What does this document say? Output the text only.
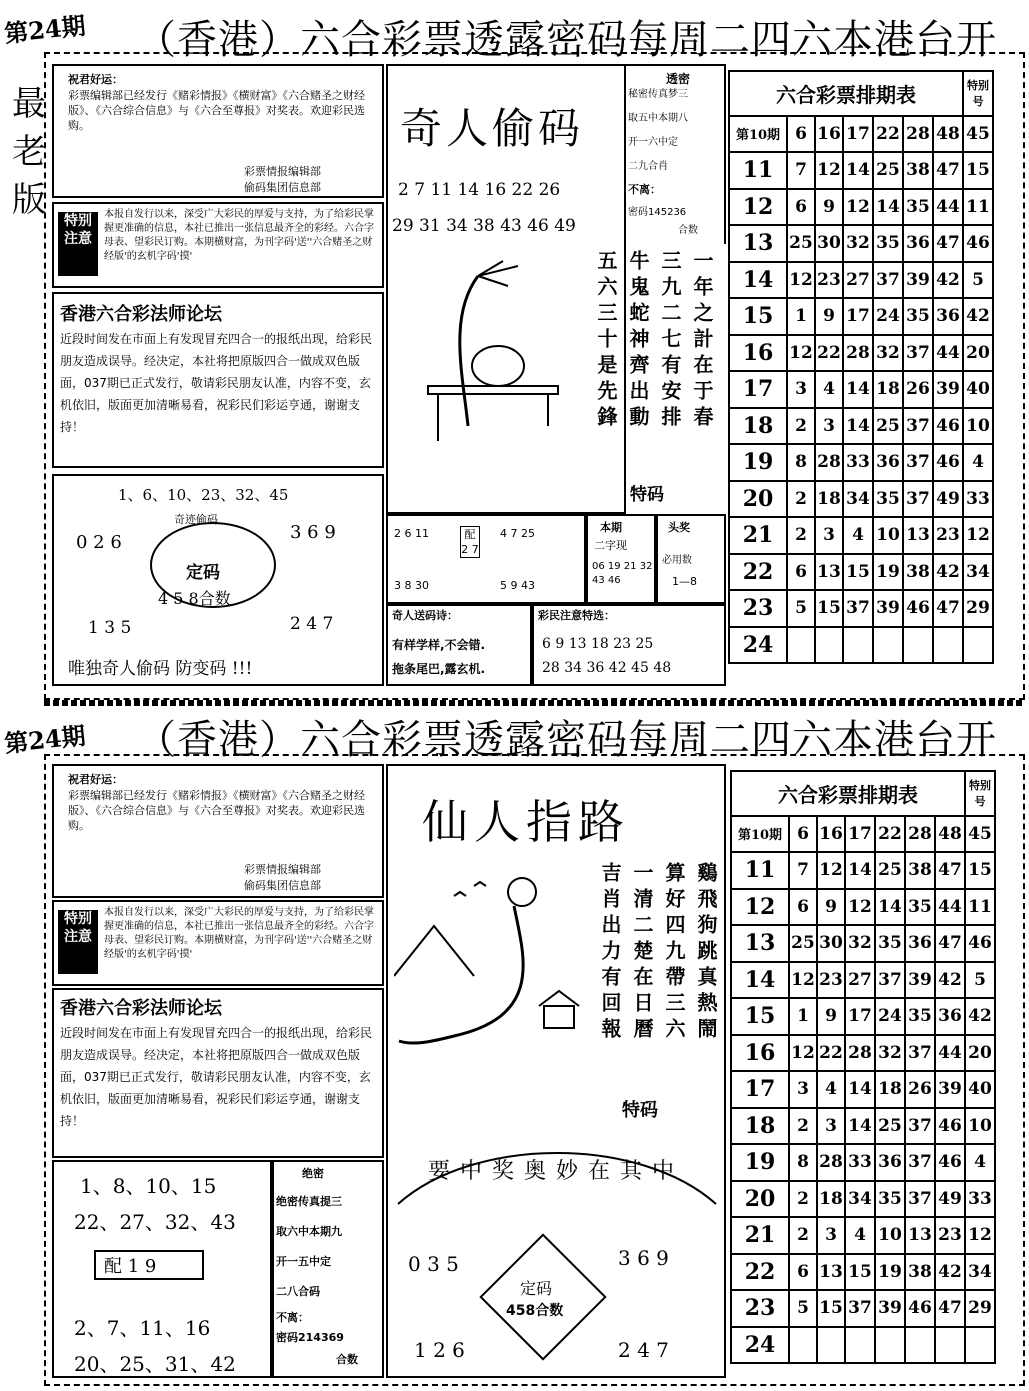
第24期 （香港）六合彩票透露密码每周二四六本港台开
最
老
版
祝君好运：
彩票编辑部已经发行《赌彩情报》《横财富》《六合赌圣之财经版》、《六合综合信息》与《六合至尊报》对奖表。欢迎彩民选购。
彩票情报编辑部
偷码集团信息部
特别注意
本报自发行以来，深受广大彩民的厚爱与支持，为了给彩民掌握更准确的信息，本社已推出一张信息最齐全的彩经。六合字母表、望彩民订购。本期横财富，为刊字码'送''六合赌圣之财经版'的玄机字码'摸'
香港六合彩法师论坛
近段时间发在市面上有发现冒充四合一的报纸出现，给彩民朋友造成误导。经决定，本社将把原版四合一做成双色版面，037期已正式发行，敬请彩民朋友认准，内容不变，玄机依旧，版面更加清晰易看，祝彩民们彩运亨通，谢谢支持！
1、6、10、23、32、45
0 2 6	3 6 9
奇迹偷码
定码
4 5 8合数
1 3 5	2 4 7
唯独奇人偷码 防变码 !!!
奇人偷码
2 7 11 14 16 22 26
29 31 34 38 43 46 49
透密
秘密传真梦三
取五中本期八
开一六中定
二九合肖
不离：
密码145236
合数
一年之計在于春
三九二七有安排
牛鬼蛇神齊出動
五六三十是先鋒
特码
2 6 11
3 8 30
配 2 7
4 7 25
5 9 43
本期
二字现
06 19 21 32 43 46
头奖
必用数
1—8
奇人送码诗：
有样学样,不会错.
拖条尾巴,露玄机.
彩民注意特选：
6 9 13 18 23 25
28 34 36 42 45 48
六合彩票排期表							特别号
第10期	6	16	17	22	28	48	45
11	7	12	14	25	38	47	15
12	6	9	12	14	35	44	11
13	25	30	32	35	36	47	46
14	12	23	27	37	39	42	5
15	1	9	17	24	35	36	42
16	12	22	28	32	37	44	20
17	3	4	14	18	26	39	40
18	2	3	14	25	37	46	10
19	8	28	33	36	37	46	4
20	2	18	34	35	37	49	33
21	2	3	4	10	13	23	12
22	6	13	15	19	38	42	34
23	5	15	37	39	46	47	29
24							
第24期 （香港）六合彩票透露密码每周二四六本港台开
祝君好运：
彩票编辑部已经发行《赌彩情报》《横财富》《六合赌圣之财经版》、《六合综合信息》与《六合至尊报》对奖表。欢迎彩民选购。
彩票情报编辑部
偷码集团信息部
特别注意
本报自发行以来，深受广大彩民的厚爱与支持，为了给彩民掌握更准确的信息，本社已推出一张信息最齐全的彩经。六合字母表、望彩民订购。本期横财富，为刊字码'送''六合赌圣之财经版'的玄机字码'摸'
香港六合彩法师论坛
近段时间发在市面上有发现冒充四合一的报纸出现，给彩民朋友造成误导。经决定，本社将把原版四合一做成双色版面，037期已正式发行，敬请彩民朋友认准，内容不变，玄机依旧，版面更加清晰易看，祝彩民们彩运亨通，谢谢支持！
1、8、10、15
22、27、32、43
配 1 9
2、7、11、16
20、25、31、42
绝密
绝密传真提三
取六中本期九
开一五中定
二八合码
不离：
密码214369
合数
仙人指路
鷄飛狗跳真熱鬧
算好四九帶三六
一清二楚在日曆
吉肖出力有回報
特码
要中奖奥妙在其中
0 3 5	3 6 9
定码
458合数
1 2 6	2 4 7
六合彩票排期表							特别号
第10期	6	16	17	22	28	48	45
11	7	12	14	25	38	47	15
12	6	9	12	14	35	44	11
13	25	30	32	35	36	47	46
14	12	23	27	37	39	42	5
15	1	9	17	24	35	36	42
16	12	22	28	32	37	44	20
17	3	4	14	18	26	39	40
18	2	3	14	25	37	46	10
19	8	28	33	36	37	46	4
20	2	18	34	35	37	49	33
21	2	3	4	10	13	23	12
22	6	13	15	19	38	42	34
23	5	15	37	39	46	47	29
24							
